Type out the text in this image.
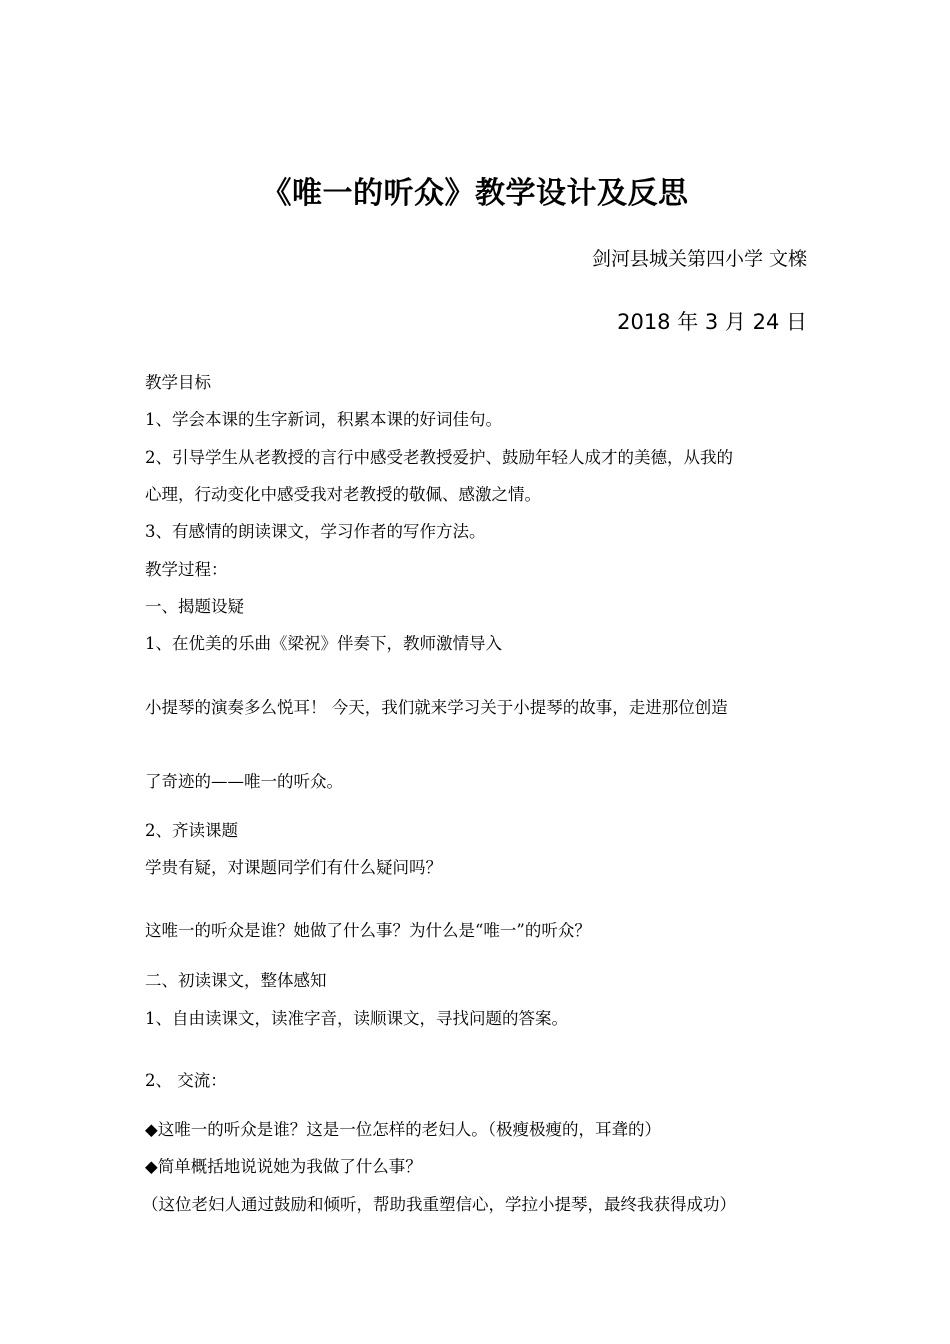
《唯一的听众》教学设计及反思
剑河县城关第四小学 文檪
2018 年 3 月 24 日
教学目标
1、学会本课的生字新词，积累本课的好词佳句。
2、引导学生从老教授的言行中感受老教授爱护、鼓励年轻人成才的美德，从我的
心理，行动变化中感受我对老教授的敬佩、感激之情。
3、有感情的朗读课文，学习作者的写作方法。
教学过程：
一、揭题设疑
1、在优美的乐曲《梁祝》伴奏下，教师激情导入
小提琴的演奏多么悦耳！ 今天，我们就来学习关于小提琴的故事，走进那位创造
了奇迹的——唯一的听众。
2、齐读课题
学贵有疑，对课题同学们有什么疑问吗？
这唯一的听众是谁？她做了什么事？为什么是“唯一”的听众？
二、初读课文，整体感知
1、自由读课文，读准字音，读顺课文，寻找问题的答案。
2、 交流：
◆这唯一的听众是谁？这是一位怎样的老妇人。（极瘦极瘦的，耳聋的）
◆简单概括地说说她为我做了什么事？
（这位老妇人通过鼓励和倾听，帮助我重塑信心，学拉小提琴，最终我获得成功）
